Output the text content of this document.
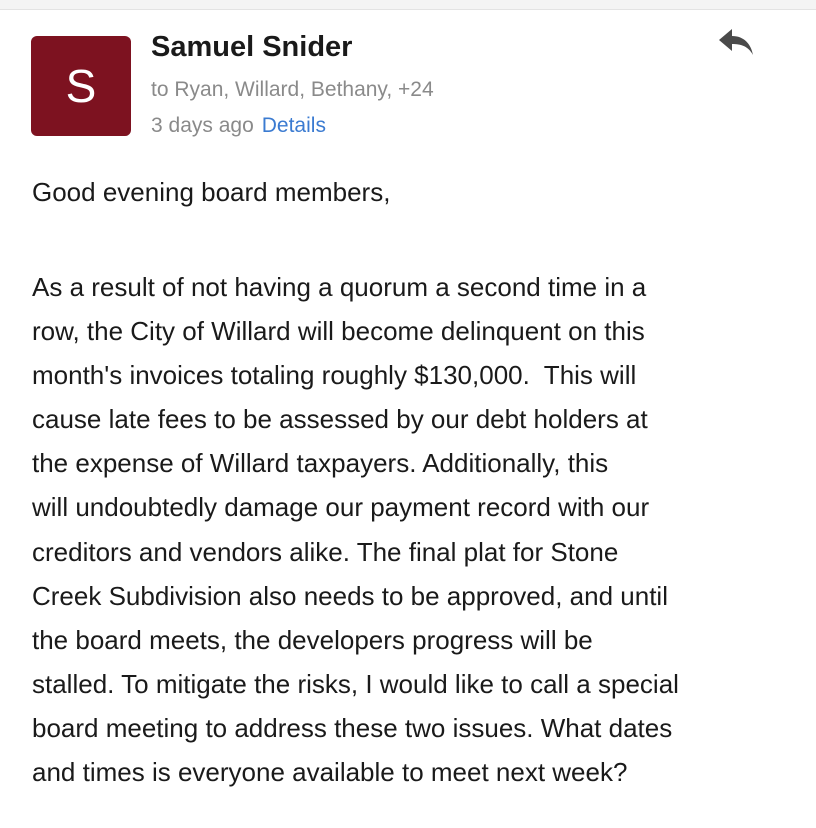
S
Samuel Snider
to Ryan, Willard, Bethany, +24
3 days ago Details
Good evening board members,
As a result of not having a quorum a second time in a
row, the City of Willard will become delinquent on this
month's invoices totaling roughly $130,000.  This will
cause late fees to be assessed by our debt holders at
the expense of Willard taxpayers. Additionally, this
will undoubtedly damage our payment record with our
creditors and vendors alike. The final plat for Stone
Creek Subdivision also needs to be approved, and until
the board meets, the developers progress will be
stalled. To mitigate the risks, I would like to call a special
board meeting to address these two issues. What dates
and times is everyone available to meet next week?
